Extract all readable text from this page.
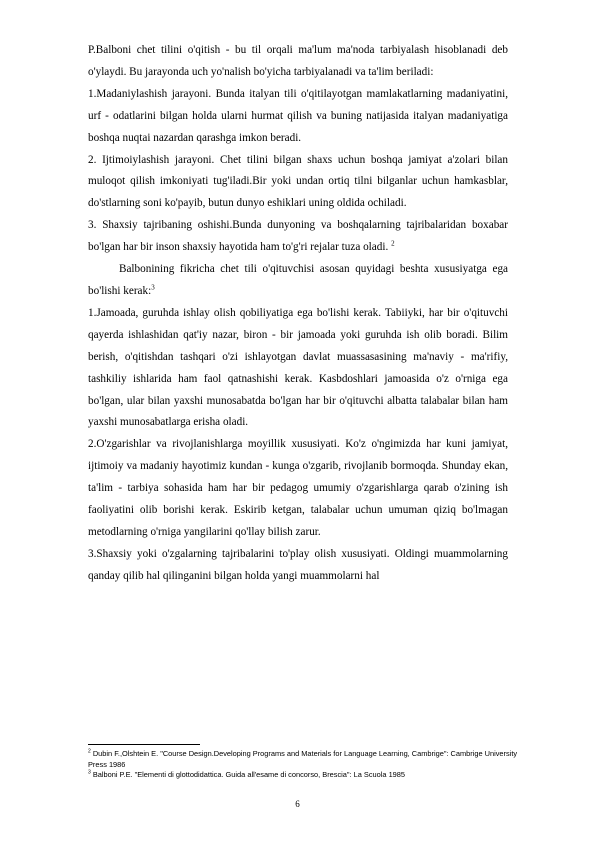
P.Balboni chet tilini o'qitish - bu til orqali ma'lum ma'noda tarbiyalash hisoblanadi deb o'ylaydi. Bu jarayonda uch yo'nalish bo'yicha tarbiyalanadi va ta'lim beriladi:

1.Madaniylashish jarayoni. Bunda italyan tili o'qitilayotgan mamlakatlarning madaniyatini, urf - odatlarini bilgan holda ularni hurmat qilish va buning natijasida italyan madaniyatiga boshqa nuqtai nazardan qarashga imkon beradi.

2. Ijtimoiylashish jarayoni. Chet tilini bilgan shaxs uchun boshqa jamiyat a'zolari bilan muloqot qilish imkoniyati tug'iladi.Bir yoki undan ortiq tilni bilganlar uchun hamkasblar, do'stlarning soni ko'payib, butun dunyo eshiklari uning oldida ochiladi.

3. Shaxsiy tajribaning oshishi.Bunda dunyoning va boshqalarning tajribalaridan boxabar bo'lgan har bir inson shaxsiy hayotida ham to'g'ri rejalar tuza oladi. $^2$

Balbonining fikricha chet tili o'qituvchisi asosan quyidagi beshta xususiyatga ega bo'lishi kerak:$^3$

1.Jamoada, guruhda ishlay olish qobiliyatiga ega bo'lishi kerak. Tabiiyki, har bir o'qituvchi qayerda ishlashidan qat'iy nazar, biron - bir jamoada yoki guruhda ish olib boradi. Bilim berish, o'qitishdan tashqari o'zi ishlayotgan davlat muassasasining ma'naviy - ma'rifiy, tashkiliy ishlarida ham faol qatnashishi kerak. Kasbdoshlari jamoasida o'z o'rniga ega bo'lgan, ular bilan yaxshi munosabatda bo'lgan har bir o'qituvchi albatta talabalar bilan ham yaxshi munosabatlarga erisha oladi.

2.O'zgarishlar va rivojlanishlarga moyillik xususiyati. Ko'z o'ngimizda har kuni jamiyat, ijtimoiy va madaniy hayotimiz kundan - kunga o'zgarib, rivojlanib bormoqda. Shunday ekan, ta'lim - tarbiya sohasida ham har bir pedagog umumiy o'zgarishlarga qarab o'zining ish faoliyatini olib borishi kerak. Eskirib ketgan, talabalar uchun umuman qiziq bo'lmagan metodlarning o'rniga yangilarini qo'llay bilish zarur.

3.Shaxsiy yoki o'zgalarning tajribalarini to'play olish xususiyati. Oldingi muammolarning qanday qilib hal qilinganini bilgan holda yangi muammolarni hal

$^2$ Dubin F.,Olshtein E. "Course Design.Developing Programs and Materials for Language Learning, Cambrige": Cambrige University Press 1986
$^3$ Balboni P.E. "Elementi di glottodidattica. Guida all'esame di concorso, Brescia": La Scuola 1985
6
